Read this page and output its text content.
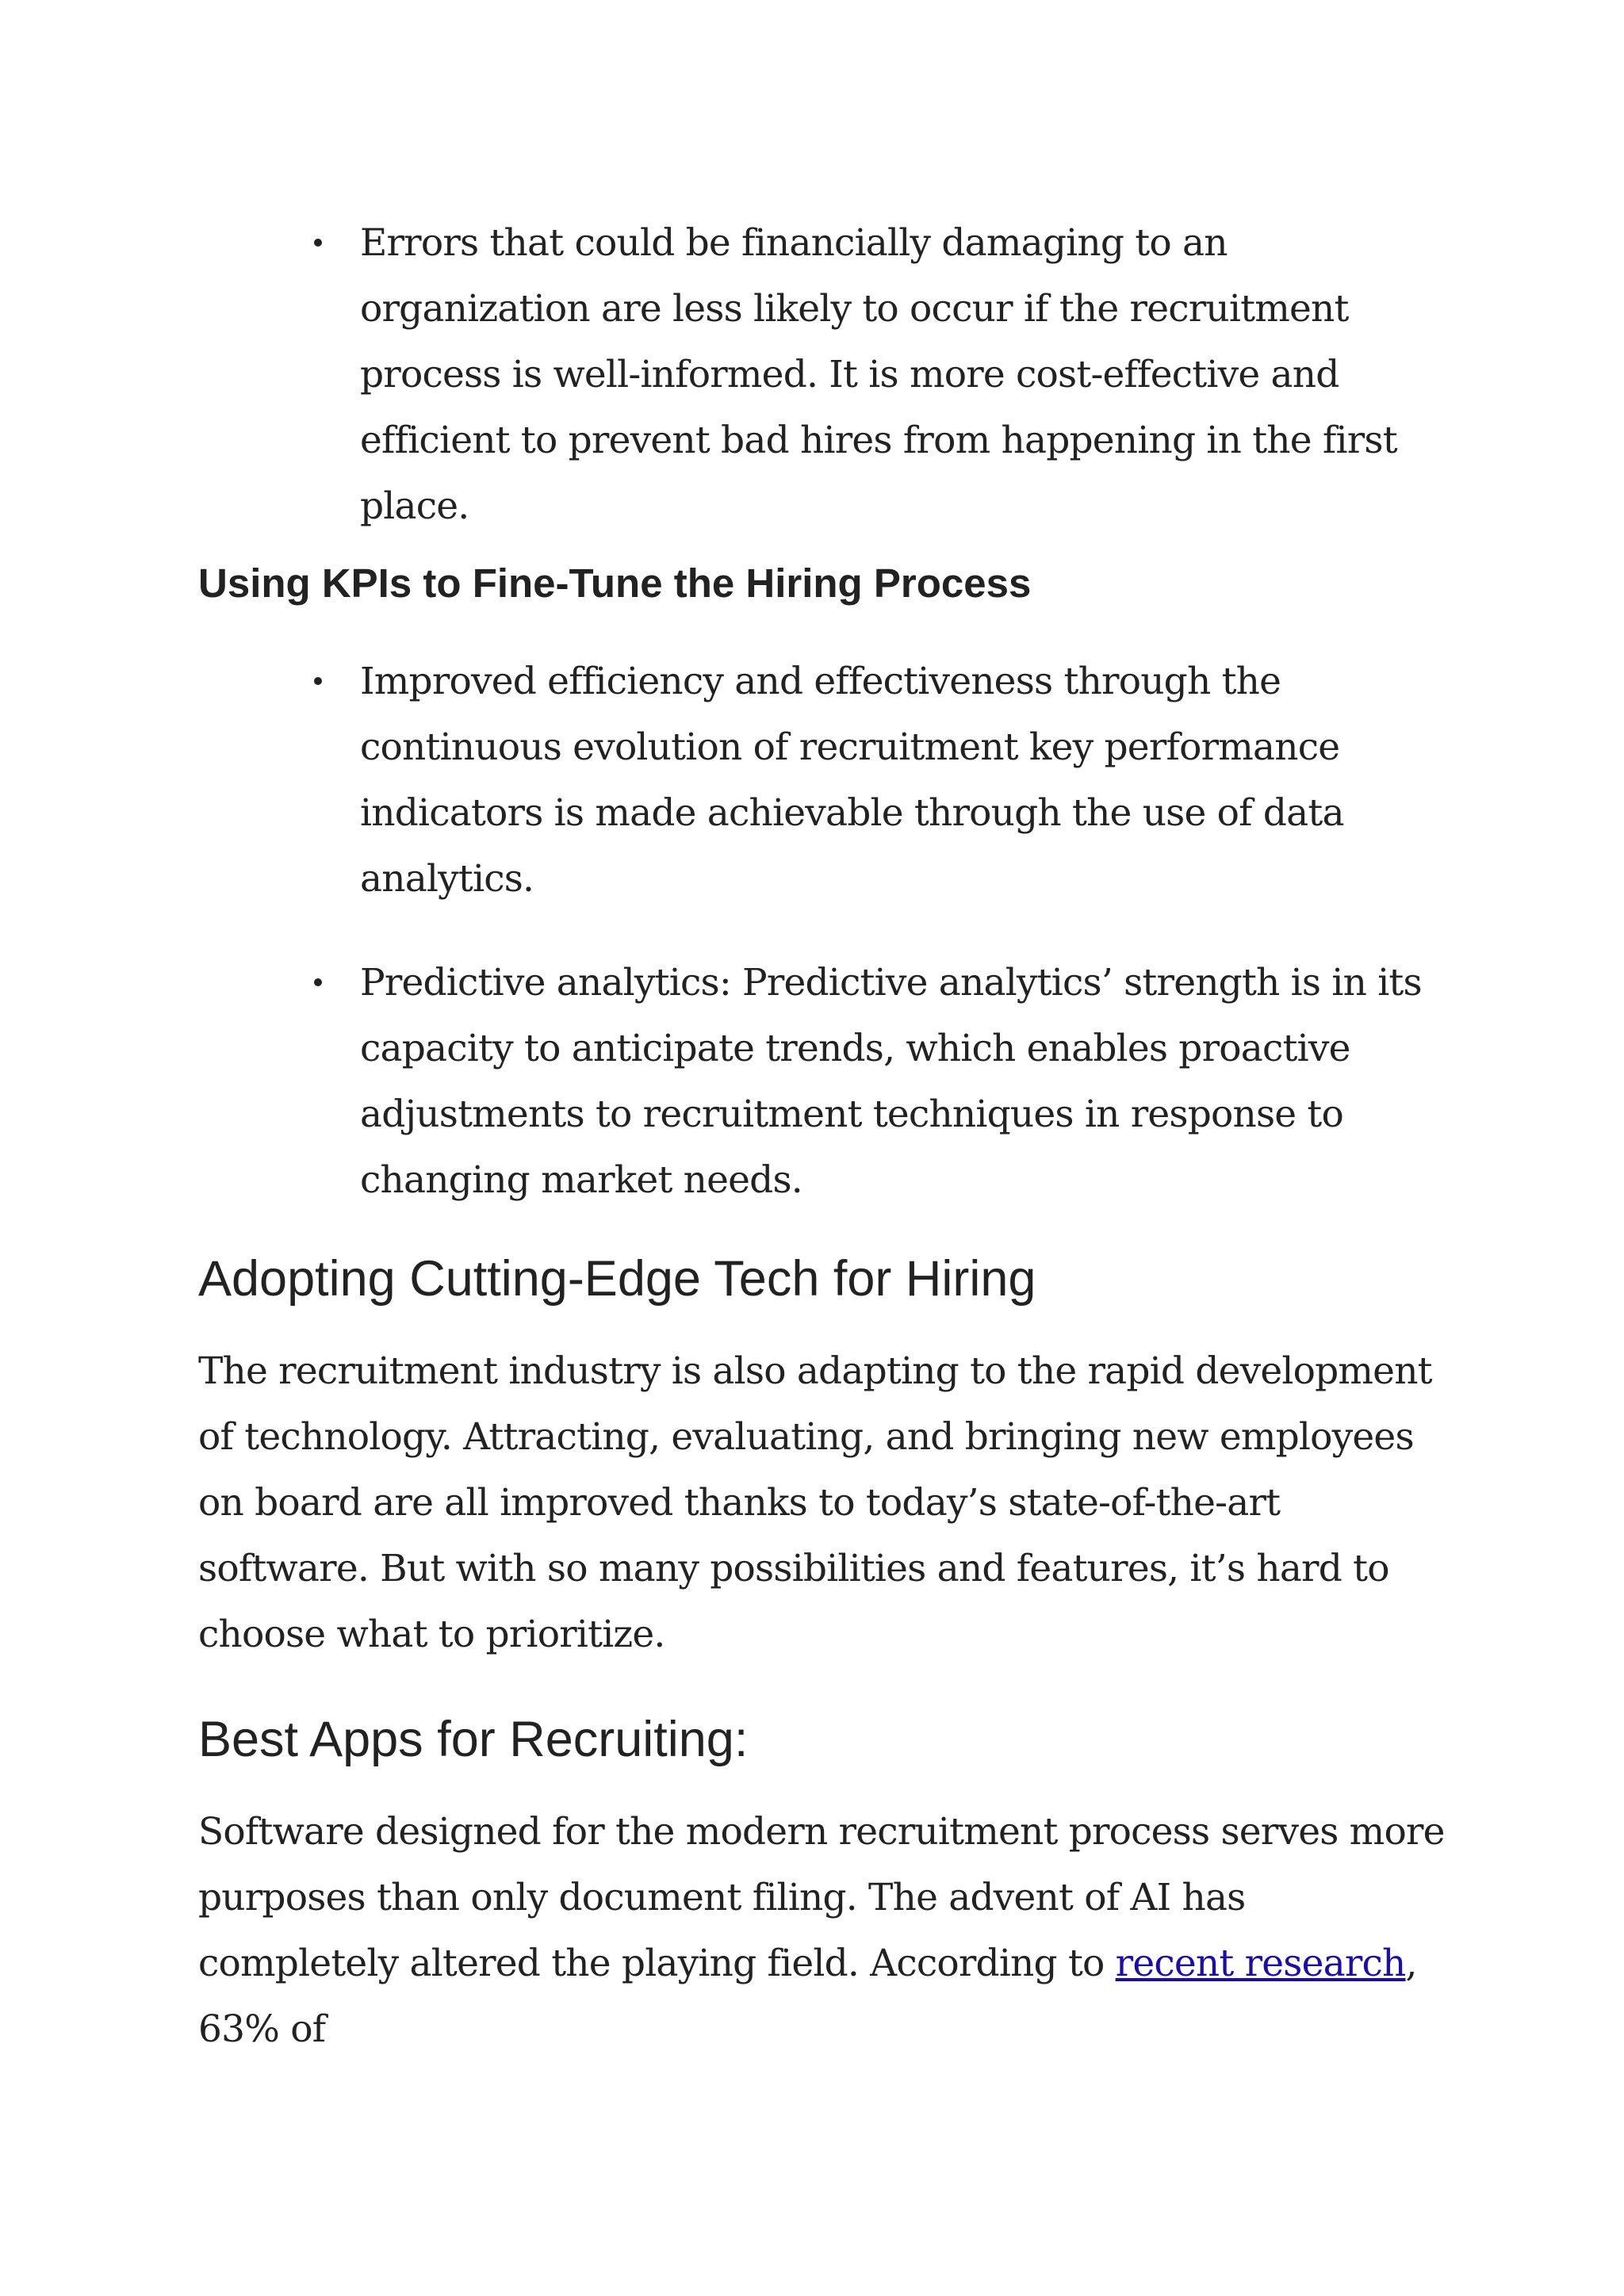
Errors that could be financially damaging to an organization are less likely to occur if the recruitment process is well-informed. It is more cost-effective and efficient to prevent bad hires from happening in the first place.
Using KPIs to Fine-Tune the Hiring Process
Improved efficiency and effectiveness through the continuous evolution of recruitment key performance indicators is made achievable through the use of data analytics.
Predictive analytics: Predictive analytics’ strength is in its capacity to anticipate trends, which enables proactive adjustments to recruitment techniques in response to changing market needs.
Adopting Cutting-Edge Tech for Hiring

The recruitment industry is also adapting to the rapid development of technology. Attracting, evaluating, and bringing new employees on board are all improved thanks to today’s state-of-the-art software. But with so many possibilities and features, it’s hard to choose what to prioritize.

Best Apps for Recruiting:

Software designed for the modern recruitment process serves more purposes than only document filing. The advent of AI has completely altered the playing field. According to recent research, 63% of
